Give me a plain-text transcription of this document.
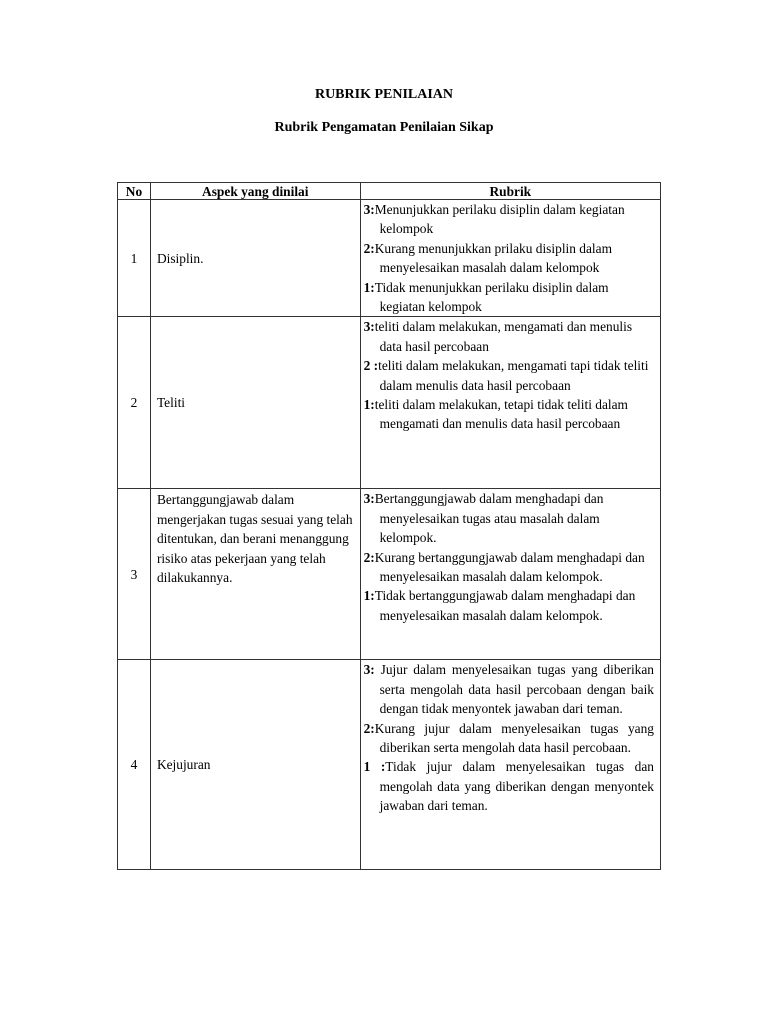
RUBRIK PENILAIAN
Rubrik Pengamatan Penilaian Sikap
No	Aspek yang dinilai	Rubrik
1	Disiplin.	3:Menunjukkan perilaku disiplin dalam kegiatan kelompok

2:Kurang menunjukkan prilaku disiplin dalam menyelesaikan masalah dalam kelompok

1:Tidak menunjukkan perilaku disiplin dalam kegiatan kelompok

2	Teliti	3:teliti dalam melakukan, mengamati dan menulis data hasil percobaan

2 :teliti dalam melakukan, mengamati tapi tidak teliti dalam menulis data hasil percobaan

1:teliti dalam melakukan, tetapi tidak teliti dalam mengamati dan menulis data hasil percobaan

3	Bertanggungjawab dalam mengerjakan tugas sesuai yang telah ditentukan, dan berani menanggung risiko atas pekerjaan yang telah dilakukannya.	3:Bertanggungjawab dalam menghadapi dan menyelesaikan tugas atau masalah dalam kelompok.

2:Kurang bertanggungjawab dalam menghadapi dan menyelesaikan masalah dalam kelompok.

1:Tidak bertanggungjawab dalam menghadapi dan menyelesaikan masalah dalam kelompok.

4	Kejujuran	3: Jujur dalam menyelesaikan tugas yang diberikan serta mengolah data hasil percobaan dengan baik dengan tidak menyontek jawaban dari teman.

2:Kurang jujur dalam menyelesaikan tugas yang diberikan serta mengolah data hasil percobaan.

1 :Tidak jujur dalam menyelesaikan tugas dan mengolah data yang diberikan dengan menyontek jawaban dari teman.
